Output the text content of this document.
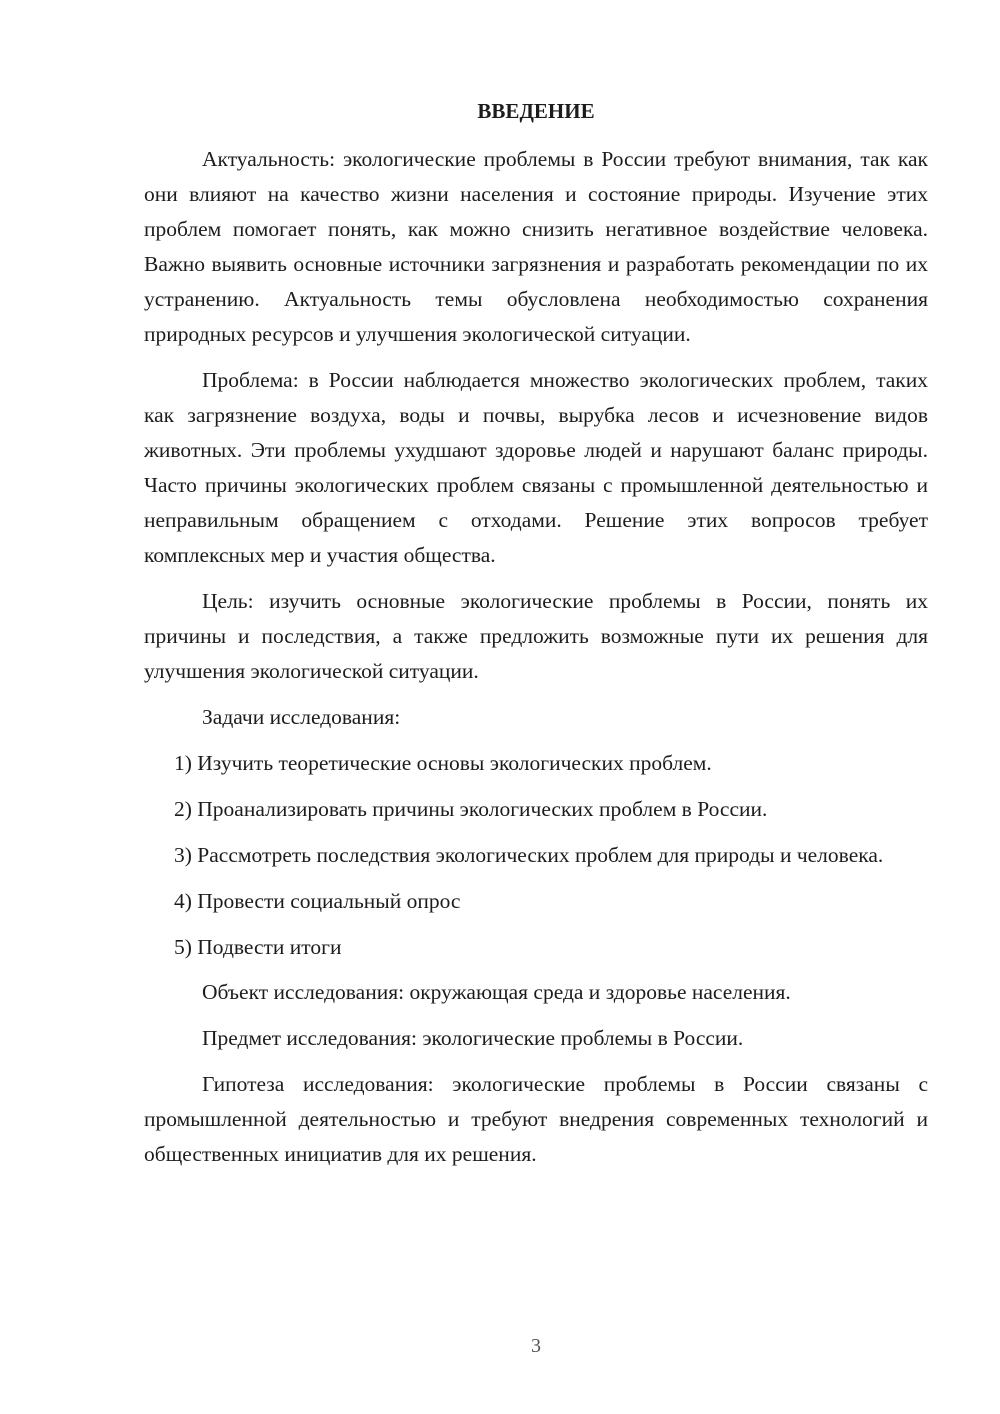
ВВЕДЕНИЕ

Актуальность: экологические проблемы в России требуют внимания, так как они влияют на качество жизни населения и состояние природы. Изучение этих проблем помогает понять, как можно снизить негативное воздействие человека. Важно выявить основные источники загрязнения и разработать рекомендации по их устранению. Актуальность темы обусловлена необходимостью сохранения природных ресурсов и улучшения экологической ситуации.

Проблема: в России наблюдается множество экологических проблем, таких как загрязнение воздуха, воды и почвы, вырубка лесов и исчезновение видов животных. Эти проблемы ухудшают здоровье людей и нарушают баланс природы. Часто причины экологических проблем связаны с промышленной деятельностью и неправильным обращением с отходами. Решение этих вопросов требует комплексных мер и участия общества.

Цель: изучить основные экологические проблемы в России, понять их причины и последствия, а также предложить возможные пути их решения для улучшения экологической ситуации.

Задачи исследования:

1) Изучить теоретические основы экологических проблем.

2) Проанализировать причины экологических проблем в России.

3) Рассмотреть последствия экологических проблем для природы и человека.

4) Провести социальный опрос

5) Подвести итоги

Объект исследования: окружающая среда и здоровье населения.

Предмет исследования: экологические проблемы в России.

Гипотеза исследования: экологические проблемы в России связаны с промышленной деятельностью и требуют внедрения современных технологий и общественных инициатив для их решения.

3
